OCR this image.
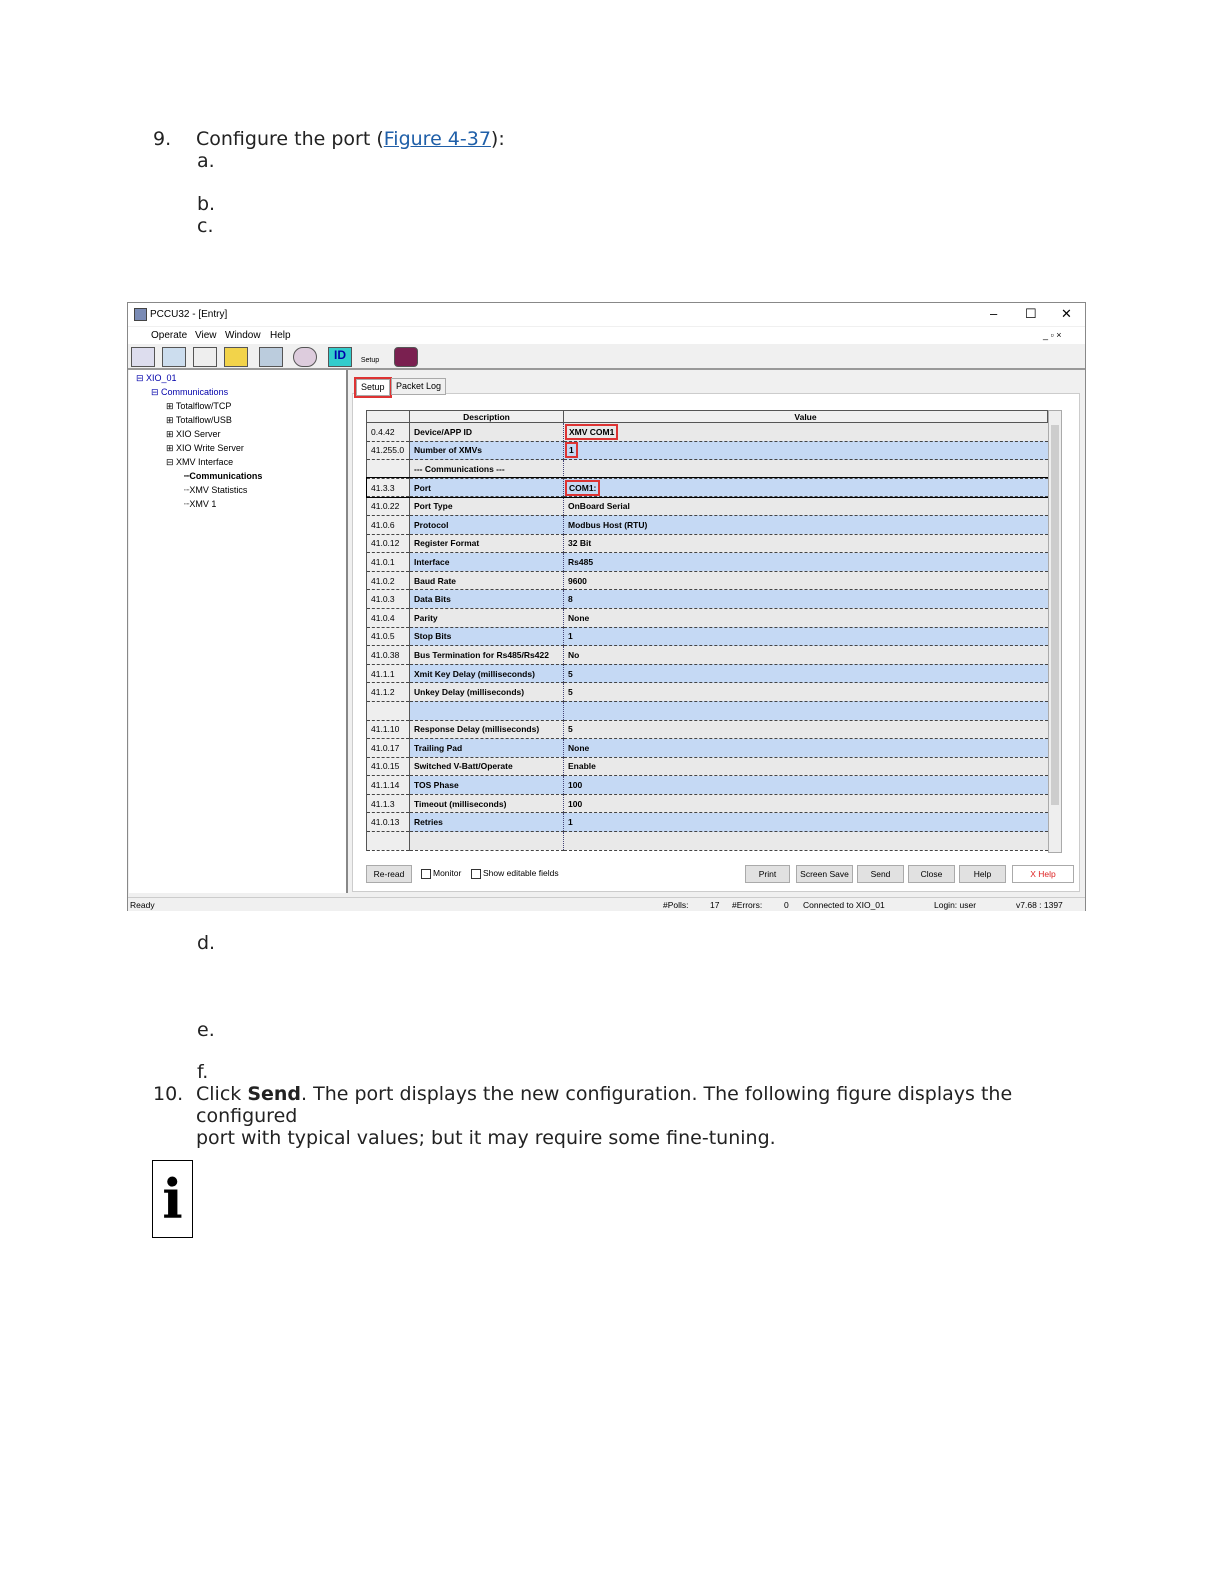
9. Configure the port (Figure 4-37):
a.
b.
c.
d.
e.
f.
10. Click Send. The port displays the new configuration. The following figure displays the configured
port with typical values; but it may require some fine-tuning.
i
PCCU32 - [Entry]	– ☐ ✕
Operate View Window Help	_ ▫ ×
ID	Setup
⊟ XIO_01
⊟ Communications
⊞ Totalflow/TCP
⊞ Totalflow/USB
⊞ XIO Server
⊞ XIO Write Server
⊟ XMV Interface
┈Communications
┈XMV Statistics
┈XMV 1
Setup	Packet Log
	Description	Value
0.4.42	Device/APP ID	XMV COM1
41.255.0	Number of XMVs	1
	--- Communications ---	
41.3.3	Port	COM1:
41.0.22	Port Type	OnBoard Serial
41.0.6	Protocol	Modbus Host (RTU)
41.0.12	Register Format	32 Bit
41.0.1	Interface	Rs485
41.0.2	Baud Rate	9600
41.0.3	Data Bits	8
41.0.4	Parity	None
41.0.5	Stop Bits	1
41.0.38	Bus Termination for Rs485/Rs422	No
41.1.1	Xmit Key Delay (milliseconds)	5
41.1.2	Unkey Delay (milliseconds)	5

41.1.10	Response Delay (milliseconds)	5
41.0.17	Trailing Pad	None
41.0.15	Switched V-Batt/Operate	Enable
41.1.14	TOS Phase	100
41.1.3	Timeout (milliseconds)	100
41.0.13	Retries	1

Re-read	Monitor	Show editable fields	Print	Screen Save	Send	Close	Help	X Help
Ready	#Polls:	17 #Errors:	0 Connected to XIO_01	Login: user	v7.68 : 1397
